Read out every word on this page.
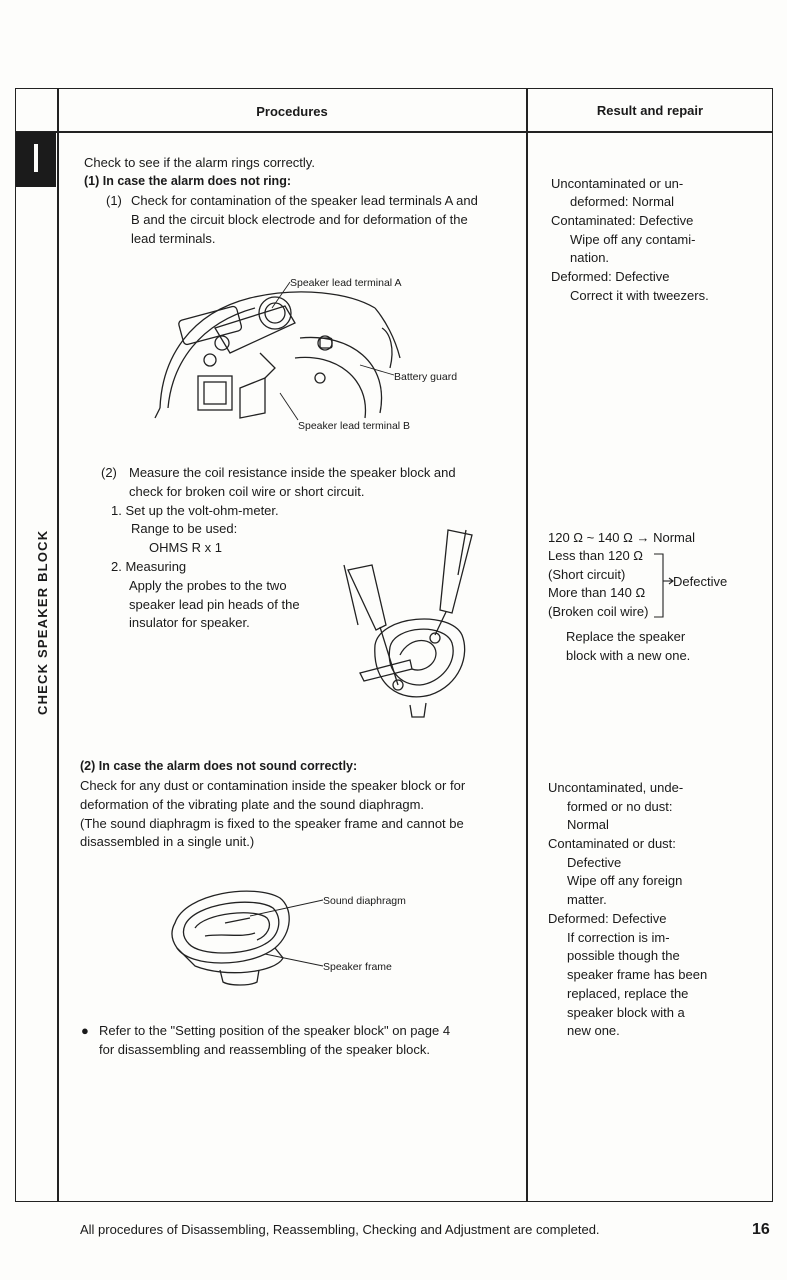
Procedures	Result and repair
CHECK SPEAKER BLOCK
Check to see if the alarm rings correctly.
(1) In case the alarm does not ring:
(1) Check for contamination of the speaker lead terminals A and
B and the circuit block electrode and for deformation of the
lead terminals.
Speaker lead terminal A
Battery guard
Speaker lead terminal B
(2) Measure the coil resistance inside the speaker block and
check for broken coil wire or short circuit.
1. Set up the volt-ohm-meter.
Range to be used:
OHMS R x 1
2. Measuring
Apply the probes to the two
speaker lead pin heads of the
insulator for speaker.
(2) In case the alarm does not sound correctly:
Check for any dust or contamination inside the speaker block or for
deformation of the vibrating plate and the sound diaphragm.
(The sound diaphragm is fixed to the speaker frame and cannot be
disassembled in a single unit.)
Sound diaphragm
Speaker frame
● Refer to the "Setting position of the speaker block" on page 4
for disassembling and reassembling of the speaker block.
Uncontaminated or un-
deformed: Normal
Contaminated: Defective
Wipe off any contami-
nation.
Deformed: Defective
Correct it with tweezers.
120 Ω ~ 140 Ω → Normal
Less than 120 Ω
(Short circuit)
More than 140 Ω
(Broken coil wire)
Defective
Replace the speaker
block with a new one.
Uncontaminated, unde-
formed or no dust:
Normal
Contaminated or dust:
Defective
Wipe off any foreign
matter.
Deformed: Defective
If correction is im-
possible though the
speaker frame has been
replaced, replace the
speaker block with a
new one.
All procedures of Disassembling, Reassembling, Checking and Adjustment are completed.	16
